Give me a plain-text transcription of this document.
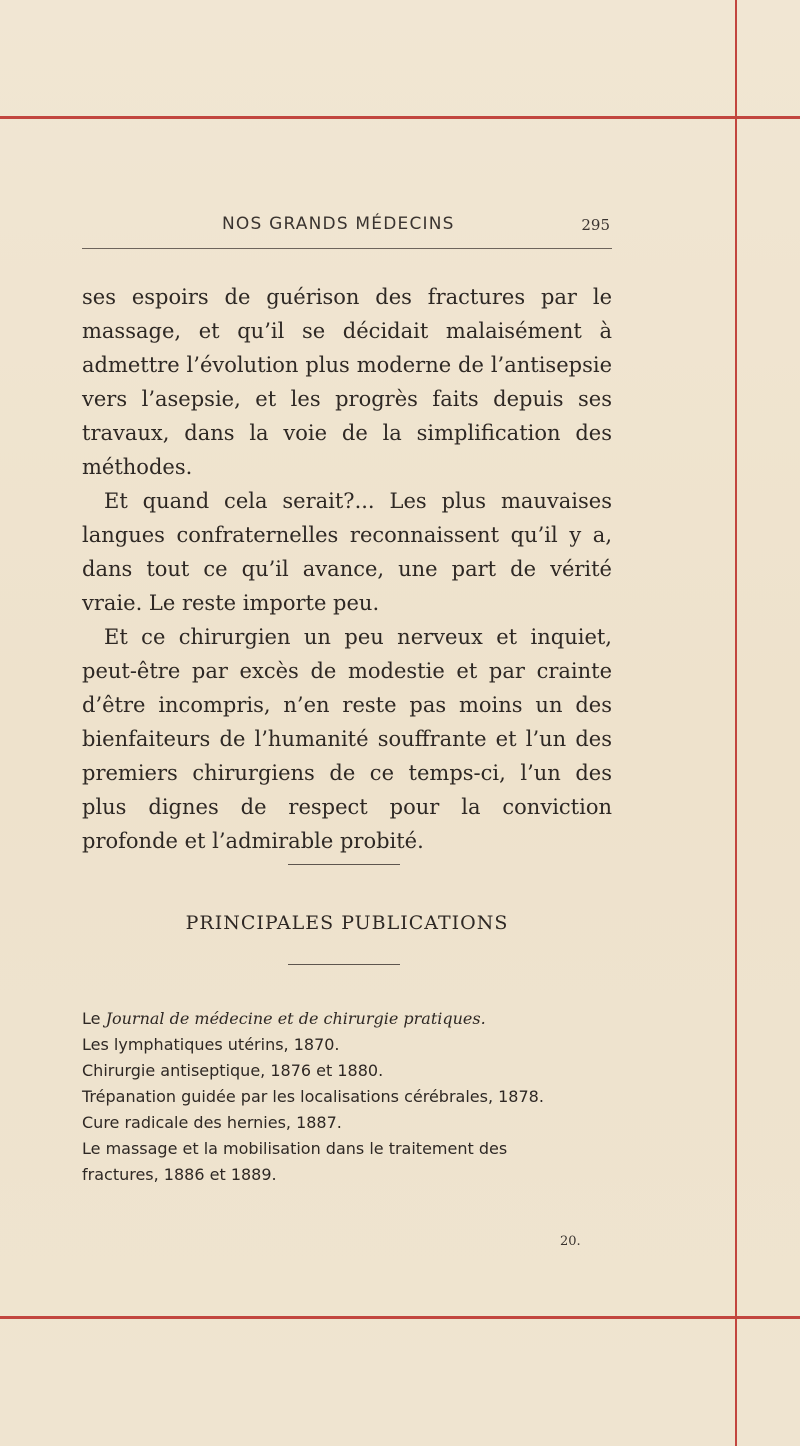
NOS GRANDS MÉDECINS	295

ses espoirs de guérison des fractures par le massage, et qu’il se décidait malaisément à admettre l’évolution plus moderne de l’antisepsie vers l’asepsie, et les progrès faits depuis ses travaux, dans la voie de la simplification des méthodes.

Et quand cela serait?... Les plus mauvaises langues confraternelles reconnaissent qu’il y a, dans tout ce qu’il avance, une part de vérité vraie. Le reste importe peu.

Et ce chirurgien un peu nerveux et inquiet, peut-être par excès de modestie et par crainte d’être incompris, n’en reste pas moins un des bienfaiteurs de l’humanité souffrante et l’un des premiers chirurgiens de ce temps-ci, l’un des plus dignes de respect pour la conviction profonde et l’admirable probité.

PRINCIPALES PUBLICATIONS
Le Journal de médecine et de chirurgie pratiques.
Les lymphatiques utérins, 1870.
Chirurgie antiseptique, 1876 et 1880.
Trépanation guidée par les localisations cérébrales, 1878.
Cure radicale des hernies, 1887.
Le massage et la mobilisation dans le traitement des
fractures, 1886 et 1889.
20.
